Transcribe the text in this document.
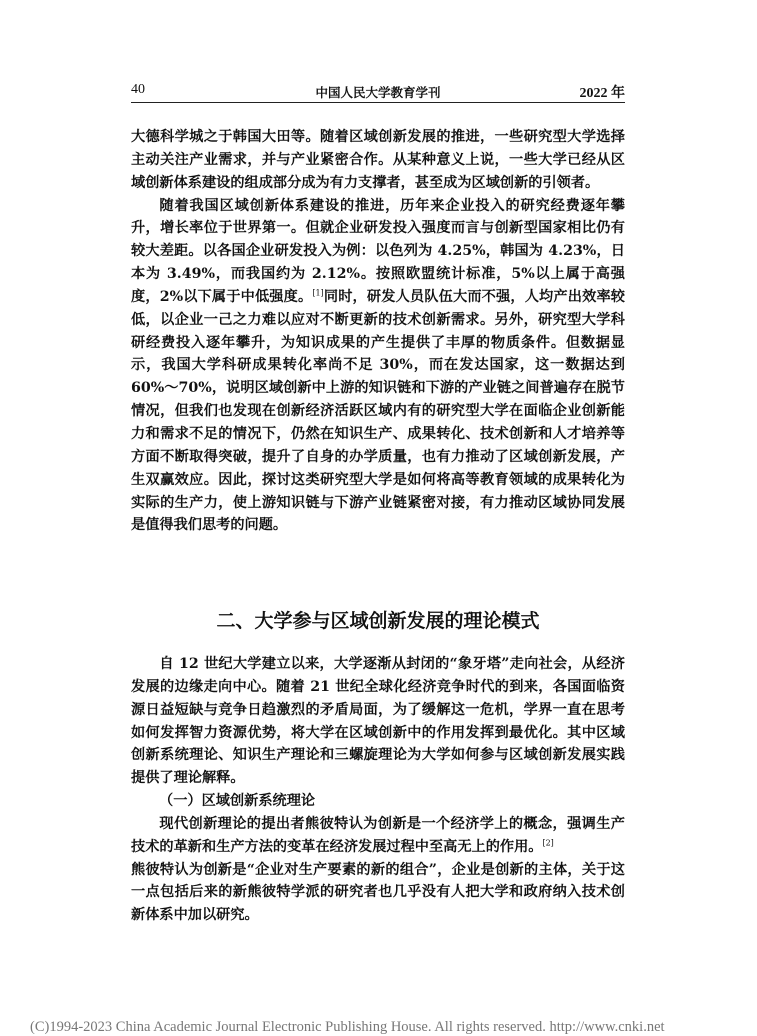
40	中国人民大学教育学刊	2022 年

大德科学城之于韩国大田等。随着区域创新发展的推进，一些研究型大学选择主动关注产业需求，并与产业紧密合作。从某种意义上说，一些大学已经从区域创新体系建设的组成部分成为有力支撑者，甚至成为区域创新的引领者。

随着我国区域创新体系建设的推进，历年来企业投入的研究经费逐年攀升，增长率位于世界第一。但就企业研发投入强度而言与创新型国家相比仍有较大差距。以各国企业研发投入为例：以色列为 4.25%，韩国为 4.23%，日本为 3.49%，而我国约为 2.12%。按照欧盟统计标准，5%以上属于高强度，2%以下属于中低强度。[1]同时，研发人员队伍大而不强，人均产出效率较低，以企业一己之力难以应对不断更新的技术创新需求。另外，研究型大学科研经费投入逐年攀升，为知识成果的产生提供了丰厚的物质条件。但数据显示，我国大学科研成果转化率尚不足 30%，而在发达国家，这一数据达到 60%～70%，说明区域创新中上游的知识链和下游的产业链之间普遍存在脱节情况，但我们也发现在创新经济活跃区域内有的研究型大学在面临企业创新能力和需求不足的情况下，仍然在知识生产、成果转化、技术创新和人才培养等方面不断取得突破，提升了自身的办学质量，也有力推动了区域创新发展，产生双赢效应。因此，探讨这类研究型大学是如何将高等教育领域的成果转化为实际的生产力，使上游知识链与下游产业链紧密对接，有力推动区域协同发展是值得我们思考的问题。

二、大学参与区域创新发展的理论模式

自 12 世纪大学建立以来，大学逐渐从封闭的“象牙塔”走向社会，从经济发展的边缘走向中心。随着 21 世纪全球化经济竞争时代的到来，各国面临资源日益短缺与竞争日趋激烈的矛盾局面，为了缓解这一危机，学界一直在思考如何发挥智力资源优势，将大学在区域创新中的作用发挥到最优化。其中区域创新系统理论、知识生产理论和三螺旋理论为大学如何参与区域创新发展实践提供了理论解释。

（一）区域创新系统理论

现代创新理论的提出者熊彼特认为创新是一个经济学上的概念，强调生产技术的革新和生产方法的变革在经济发展过程中至高无上的作用。[2]

熊彼特认为创新是“企业对生产要素的新的组合”，企业是创新的主体，关于这一点包括后来的新熊彼特学派的研究者也几乎没有人把大学和政府纳入技术创新体系中加以研究。

(C)1994-2023 China Academic Journal Electronic Publishing House. All rights reserved. http://www.cnki.net
